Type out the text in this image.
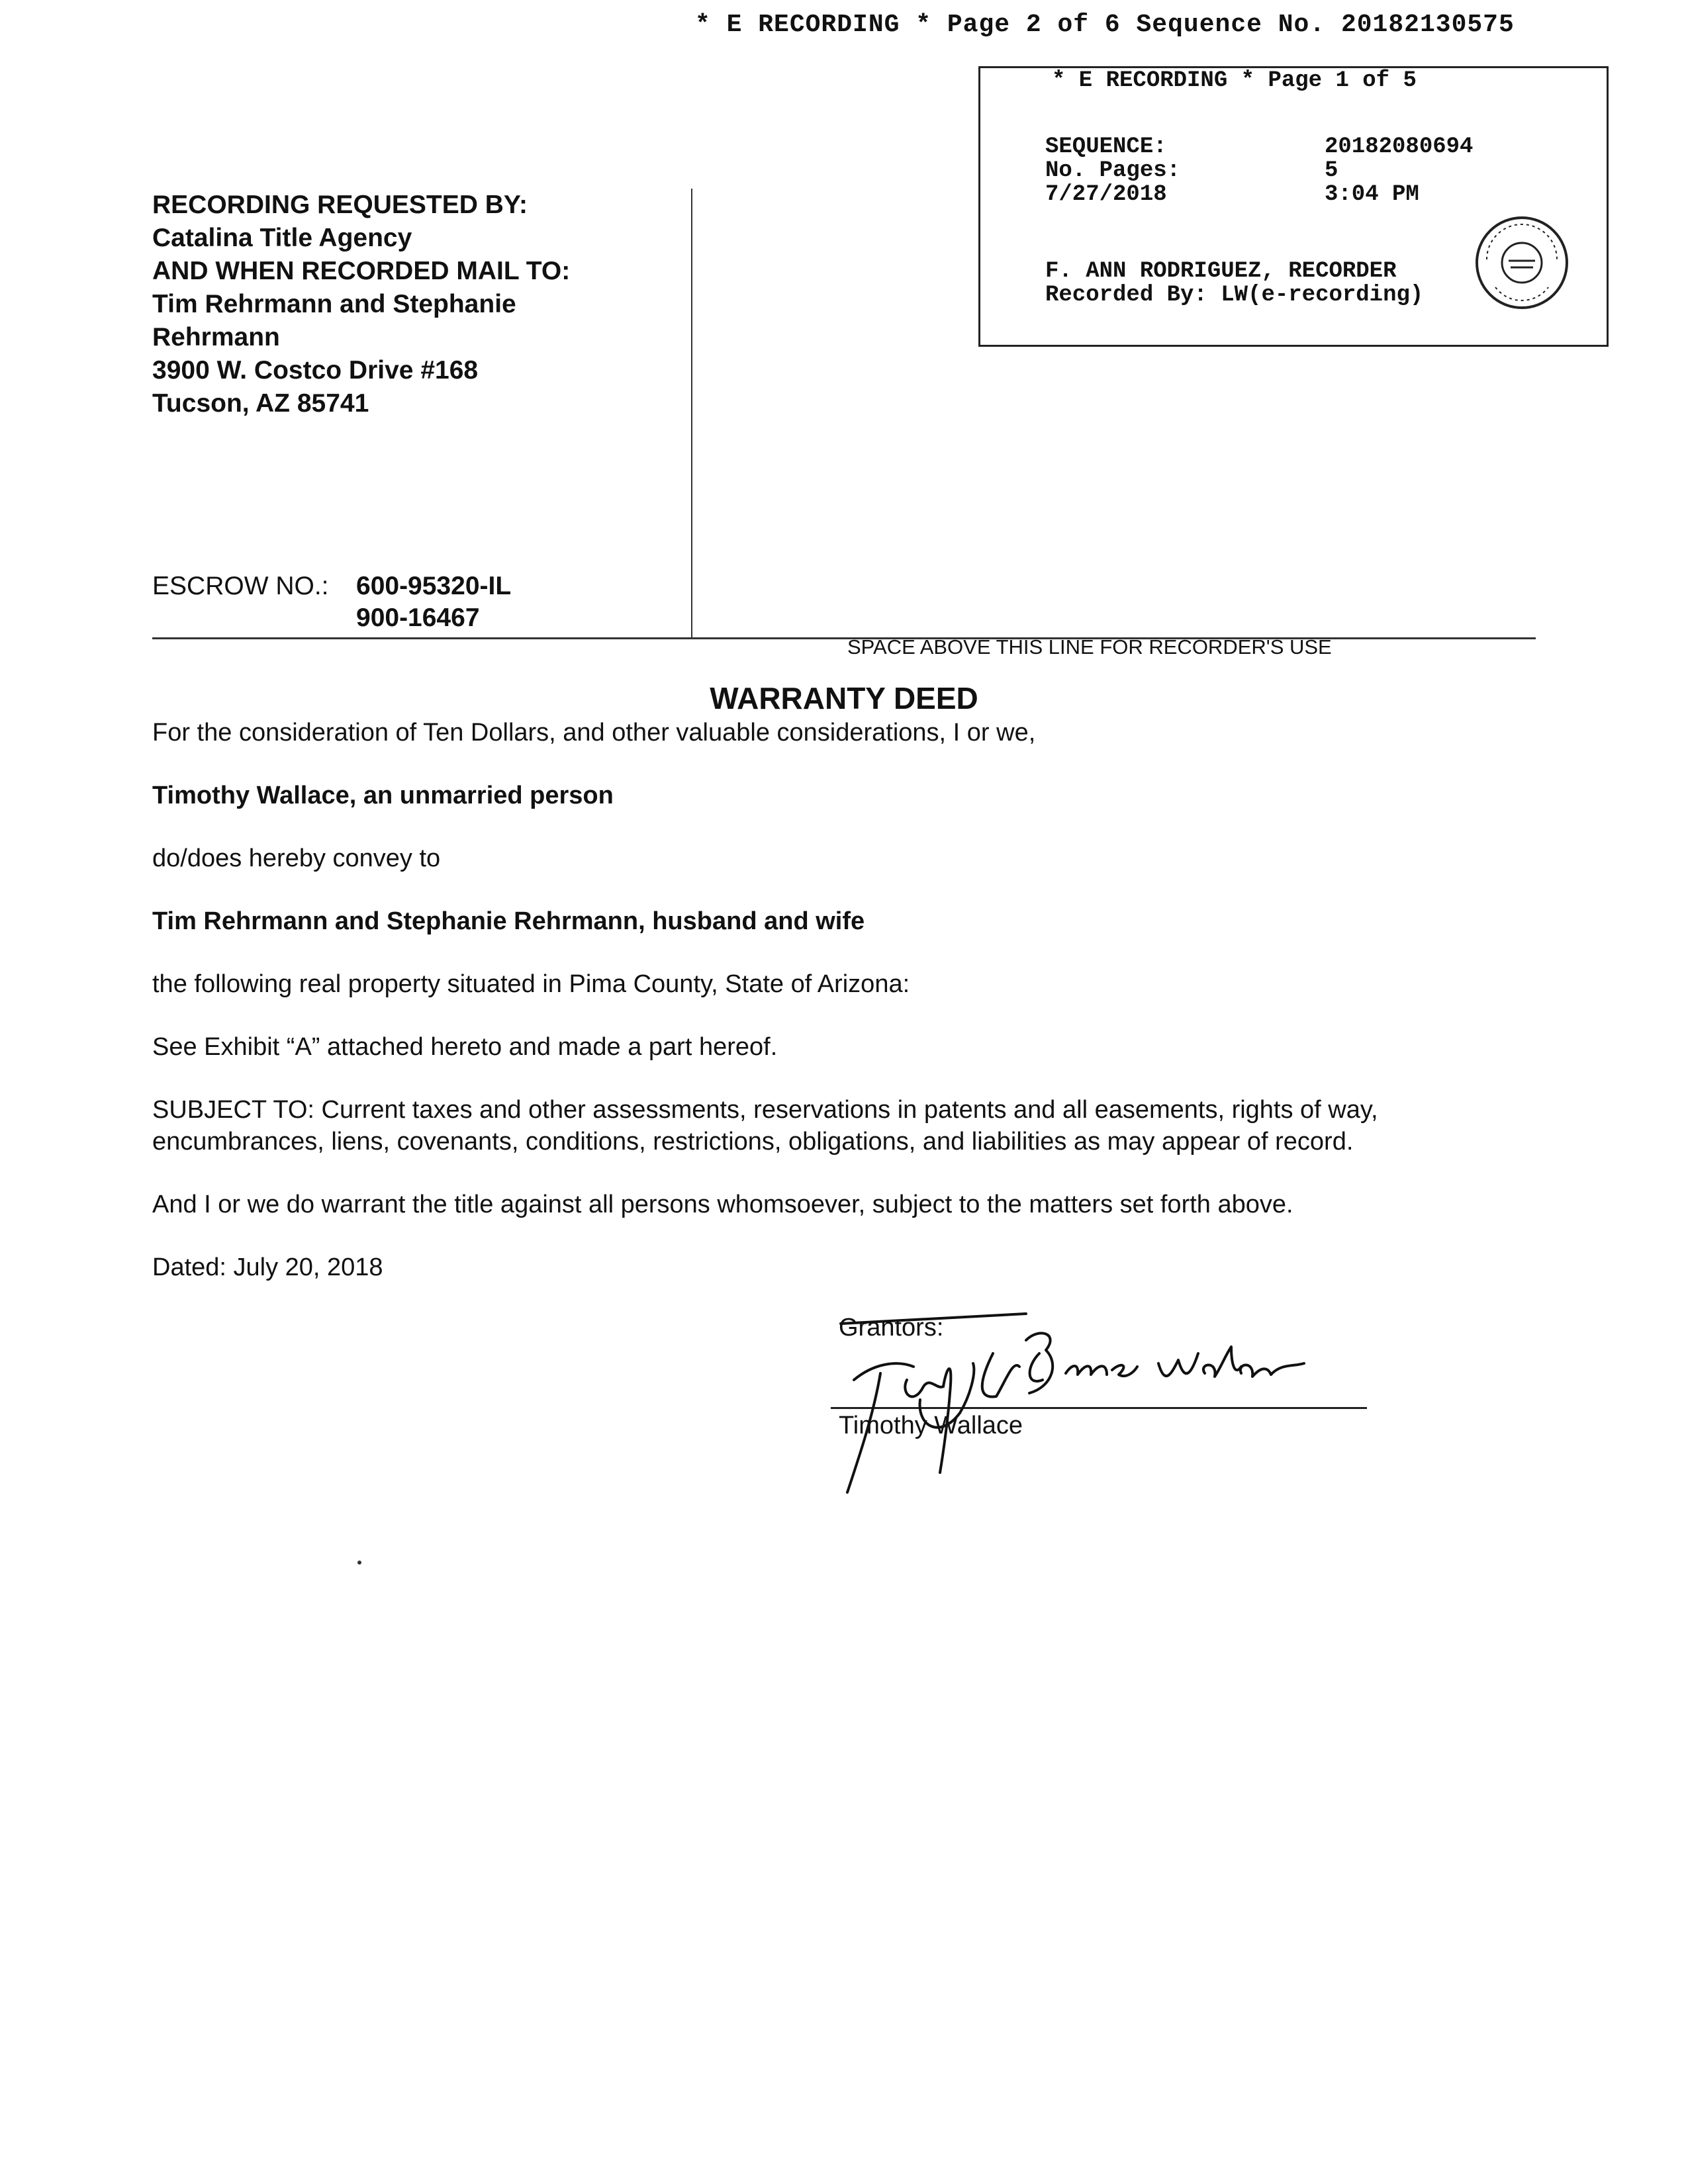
* E RECORDING * Page 2 of 6 Sequence No. 20182130575
* E RECORDING * Page 1 of 5
SEQUENCE:	20182080694
No. Pages:	5
7/27/2018	3:04 PM
F. ANN RODRIGUEZ, RECORDER
Recorded By: LW(e-recording)
RECORDING REQUESTED BY:
Catalina Title Agency
AND WHEN RECORDED MAIL TO:
Tim Rehrmann and Stephanie
Rehrmann
3900 W. Costco Drive #168
Tucson, AZ 85741
ESCROW NO.: 600-95320-IL
900-16467

SPACE ABOVE THIS LINE FOR RECORDER'S USE
WARRANTY DEED
For the consideration of Ten Dollars, and other valuable considerations, I or we,
Timothy Wallace, an unmarried person
do/does hereby convey to
Tim Rehrmann and Stephanie Rehrmann, husband and wife
the following real property situated in Pima County, State of Arizona:
See Exhibit “A” attached hereto and made a part hereof.
SUBJECT TO: Current taxes and other assessments, reservations in patents and all easements, rights of way,
encumbrances, liens, covenants, conditions, restrictions, obligations, and liabilities as may appear of record.
And I or we do warrant the title against all persons whomsoever, subject to the matters set forth above.
Dated: July 20, 2018
Grantors:
Timothy Wallace
